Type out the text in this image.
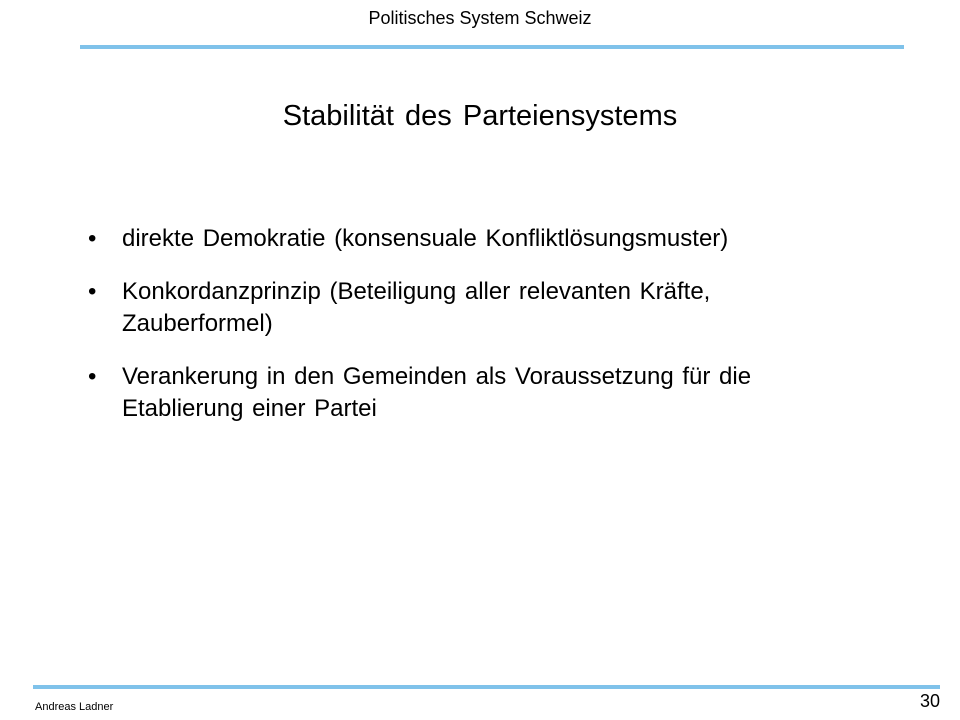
Politisches System Schweiz
Stabilität des Parteiensystems
• direkte Demokratie (konsensuale Konfliktlösungsmuster)
• Konkordanzprinzip (Beteiligung aller relevanten Kräfte, Zauberformel)
• Verankerung in den Gemeinden als Voraussetzung für die Etablierung einer Partei
Andreas Ladner	30
